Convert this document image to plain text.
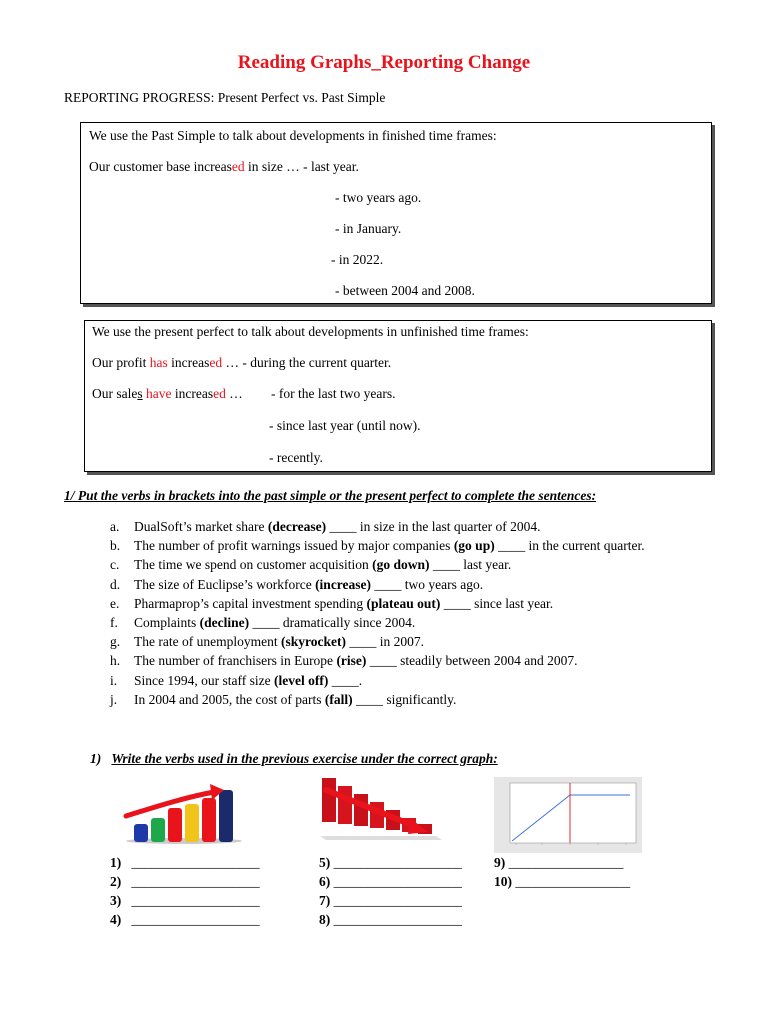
Reading Graphs_Reporting Change
REPORTING PROGRESS: Present Perfect vs. Past Simple
We use the Past Simple to talk about developments in finished time frames:
Our customer base increased in size … - last year.
- two years ago.
- in January.
- in 2022.
- between 2004 and 2008.
We use the present perfect to talk about developments in unfinished time frames:
Our profit has increased … - during the current quarter.
Our sales have increased … - for the last two years.
- since last year (until now).
- recently.
1/ Put the verbs in brackets into the past simple or the present perfect to complete the sentences:
a. DualSoft’s market share (decrease) ____ in size in the last quarter of 2004.
b. The number of profit warnings issued by major companies (go up) ____ in the current quarter.
c. The time we spend on customer acquisition (go down) ____ last year.
d. The size of Euclipse’s workforce (increase) ____ two years ago.
e. Pharmaprop’s capital investment spending (plateau out) ____ since last year.
f. Complaints (decline) ____ dramatically since 2004.
g. The rate of unemployment (skyrocket) ____ in 2007.
h. The number of franchisers in Europe (rise) ____ steadily between 2004 and 2007.
i. Since 1994, our staff size (level off) ____.
j. In 2004 and 2005, the cost of parts (fall) ____ significantly.
1) Write the verbs used in the previous exercise under the correct graph:
1) ___________________
2) ___________________
3) ___________________
4) ___________________
5) ___________________
6) ___________________
7) ___________________
8) ___________________
9) _________________
10) _________________
